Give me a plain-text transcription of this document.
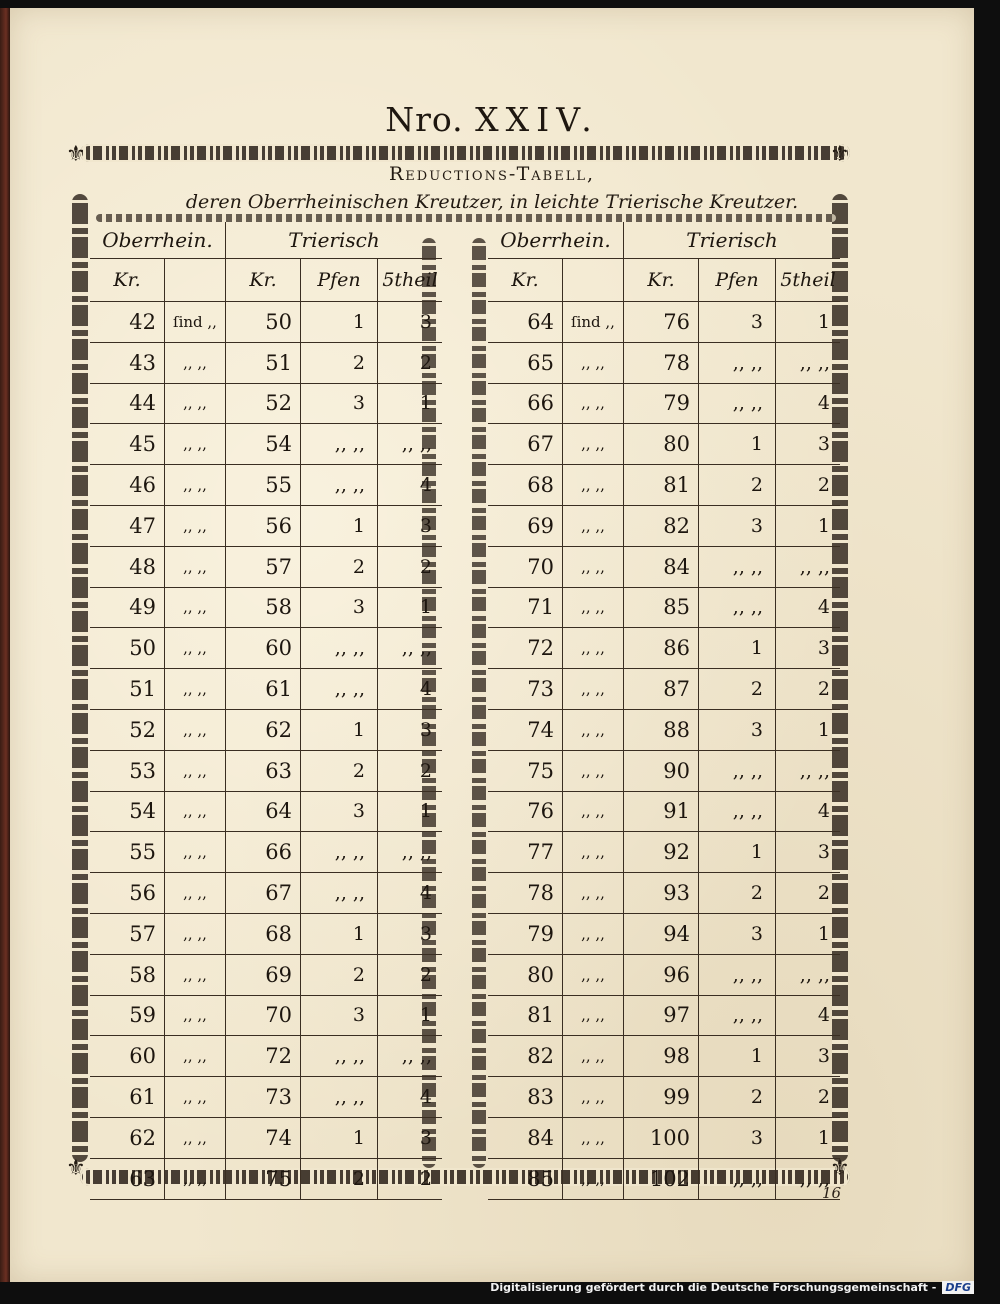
Nro. XXIV.
⚜	⚜
⚜	⚜
Reductions-Tabell,
deren Oberrheinischen Kreutzer, in leichte Trierische Kreutzer.
Oberrhein.		Trierisch		
Kr.		Kr.	Pfen	5theil
42	ſind ,,	50	1	3
43	,, ,,	51	2	2
44	,, ,,	52	3	1
45	,, ,,	54	,, ,,	,, ,,
46	,, ,,	55	,, ,,	4
47	,, ,,	56	1	3
48	,, ,,	57	2	2
49	,, ,,	58	3	1
50	,, ,,	60	,, ,,	,, ,,
51	,, ,,	61	,, ,,	4
52	,, ,,	62	1	3
53	,, ,,	63	2	2
54	,, ,,	64	3	1
55	,, ,,	66	,, ,,	,, ,,
56	,, ,,	67	,, ,,	4
57	,, ,,	68	1	3
58	,, ,,	69	2	2
59	,, ,,	70	3	1
60	,, ,,	72	,, ,,	,, ,,
61	,, ,,	73	,, ,,	4
62	,, ,,	74	1	3
63	,, ,,	75	2	2
Oberrhein.		Trierisch		
Kr.		Kr.	Pfen	5theil
64	ſind ,,	76	3	1
65	,, ,,	78	,, ,,	,, ,,
66	,, ,,	79	,, ,,	4
67	,, ,,	80	1	3
68	,, ,,	81	2	2
69	,, ,,	82	3	1
70	,, ,,	84	,, ,,	,, ,,
71	,, ,,	85	,, ,,	4
72	,, ,,	86	1	3
73	,, ,,	87	2	2
74	,, ,,	88	3	1
75	,, ,,	90	,, ,,	,, ,,
76	,, ,,	91	,, ,,	4
77	,, ,,	92	1	3
78	,, ,,	93	2	2
79	,, ,,	94	3	1
80	,, ,,	96	,, ,,	,, ,,
81	,, ,,	97	,, ,,	4
82	,, ,,	98	1	3
83	,, ,,	99	2	2
84	,, ,,	100	3	1
85	,, ,,	102	,, ,,	,, ,,
16
Digitalisierung gefördert durch die Deutsche Forschungsgemeinschaft - DFG
